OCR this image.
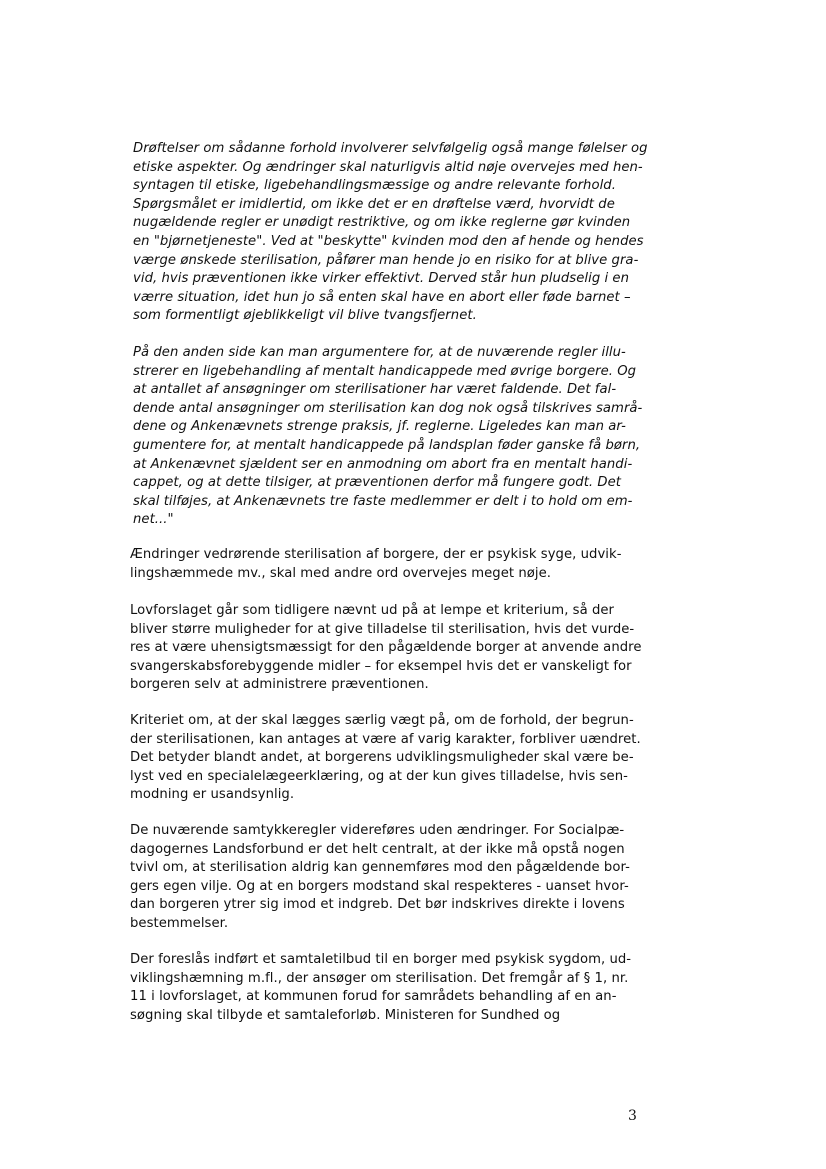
Drøftelser om sådanne forhold involverer selvfølgelig også mange følelser og
etiske aspekter. Og ændringer skal naturligvis altid nøje overvejes med hen-
syntagen til etiske, ligebehandlingsmæssige og andre relevante forhold.
Spørgsmålet er imidlertid, om ikke det er en drøftelse værd, hvorvidt de
nugældende regler er unødigt restriktive, og om ikke reglerne gør kvinden
en "bjørnetjeneste". Ved at "beskytte" kvinden mod den af hende og hendes
værge ønskede sterilisation, påfører man hende jo en risiko for at blive gra-
vid, hvis præventionen ikke virker effektivt. Derved står hun pludselig i en
værre situation, idet hun jo så enten skal have en abort eller føde barnet –
som formentligt øjeblikkeligt vil blive tvangsfjernet.
På den anden side kan man argumentere for, at de nuværende regler illu-
strerer en ligebehandling af mentalt handicappede med øvrige borgere. Og
at antallet af ansøgninger om sterilisationer har været faldende. Det fal-
dende antal ansøgninger om sterilisation kan dog nok også tilskrives samrå-
dene og Ankenævnets strenge praksis, jf. reglerne. Ligeledes kan man ar-
gumentere for, at mentalt handicappede på landsplan føder ganske få børn,
at Ankenævnet sjældent ser en anmodning om abort fra en mentalt handi-
cappet, og at dette tilsiger, at præventionen derfor må fungere godt. Det
skal tilføjes, at Ankenævnets tre faste medlemmer er delt i to hold om em-
net..."
Ændringer vedrørende sterilisation af borgere, der er psykisk syge, udvik-
lingshæmmede mv., skal med andre ord overvejes meget nøje.
Lovforslaget går som tidligere nævnt ud på at lempe et kriterium, så der
bliver større muligheder for at give tilladelse til sterilisation, hvis det vurde-
res at være uhensigtsmæssigt for den pågældende borger at anvende andre
svangerskabsforebyggende midler – for eksempel hvis det er vanskeligt for
borgeren selv at administrere præventionen.
Kriteriet om, at der skal lægges særlig vægt på, om de forhold, der begrun-
der sterilisationen, kan antages at være af varig karakter, forbliver uændret.
Det betyder blandt andet, at borgerens udviklingsmuligheder skal være be-
lyst ved en specialelægeerklæring, og at der kun gives tilladelse, hvis sen-
modning er usandsynlig.
De nuværende samtykkeregler videreføres uden ændringer. For Socialpæ-
dagogernes Landsforbund er det helt centralt, at der ikke må opstå nogen
tvivl om, at sterilisation aldrig kan gennemføres mod den pågældende bor-
gers egen vilje. Og at en borgers modstand skal respekteres - uanset hvor-
dan borgeren ytrer sig imod et indgreb. Det bør indskrives direkte i lovens
bestemmelser.
Der foreslås indført et samtaletilbud til en borger med psykisk sygdom, ud-
viklingshæmning m.fl., der ansøger om sterilisation. Det fremgår af § 1, nr.
11 i lovforslaget, at kommunen forud for samrådets behandling af en an-
søgning skal tilbyde et samtaleforløb. Ministeren for Sundhed og

3
